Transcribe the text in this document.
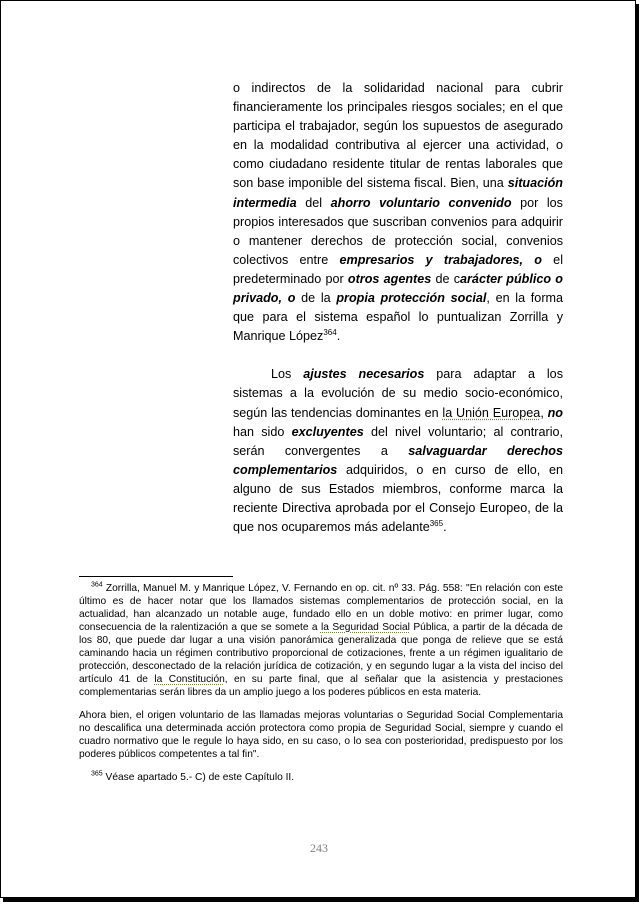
o indirectos de la solidaridad nacional para cubrir financieramente los principales riesgos sociales; en el que participa el trabajador, según los supuestos de asegurado en la modalidad contributiva al ejercer una actividad, o como ciudadano residente titular de rentas laborales que son base imponible del sistema fiscal. Bien, una situación intermedia del ahorro voluntario convenido por los propios interesados que suscriban convenios para adquirir o mantener derechos de protección social, convenios colectivos entre empresarios y trabajadores, o el predeterminado por otros agentes de carácter público o privado, o de la propia protección social, en la forma que para el sistema español lo puntualizan Zorrilla y Manrique López$^{364}$.

Los ajustes necesarios para adaptar a los sistemas a la evolución de su medio socio-económico, según las tendencias dominantes en la Unión Europea, no han sido excluyentes del nivel voluntario; al contrario, serán convergentes a salvaguardar derechos complementarios adquiridos, o en curso de ello, en alguno de sus Estados miembros, conforme marca la reciente Directiva aprobada por el Consejo Europeo, de la que nos ocuparemos más adelante$^{365}$.

$^{364}$ Zorrilla, Manuel M. y Manrique López, V. Fernando en op. cit. nº 33. Pág. 558: "En relación con este último es de hacer notar que los llamados sistemas complementarios de protección social, en la actualidad, han alcanzado un notable auge, fundado ello en un doble motivo: en primer lugar, como consecuencia de la ralentización a que se somete a la Seguridad Social Pública, a partir de la década de los 80, que puede dar lugar a una visión panorámica generalizada que ponga de relieve que se está caminando hacia un régimen contributivo proporcional de cotizaciones, frente a un régimen igualitario de protección, desconectado de la relación jurídica de cotización, y en segundo lugar a la vista del inciso del artículo 41 de la Constitución, en su parte final, que al señalar que la asistencia y prestaciones complementarias serán libres da un amplio juego a los poderes públicos en esta materia.

Ahora bien, el origen voluntario de las llamadas mejoras voluntarias o Seguridad Social Complementaria no descalifica una determinada acción protectora como propia de Seguridad Social, siempre y cuando el cuadro normativo que le regule lo haya sido, en su caso, o lo sea con posterioridad, predispuesto por los poderes públicos competentes a tal fin".

$^{365}$ Véase apartado 5.- C) de este Capítulo II.

243
